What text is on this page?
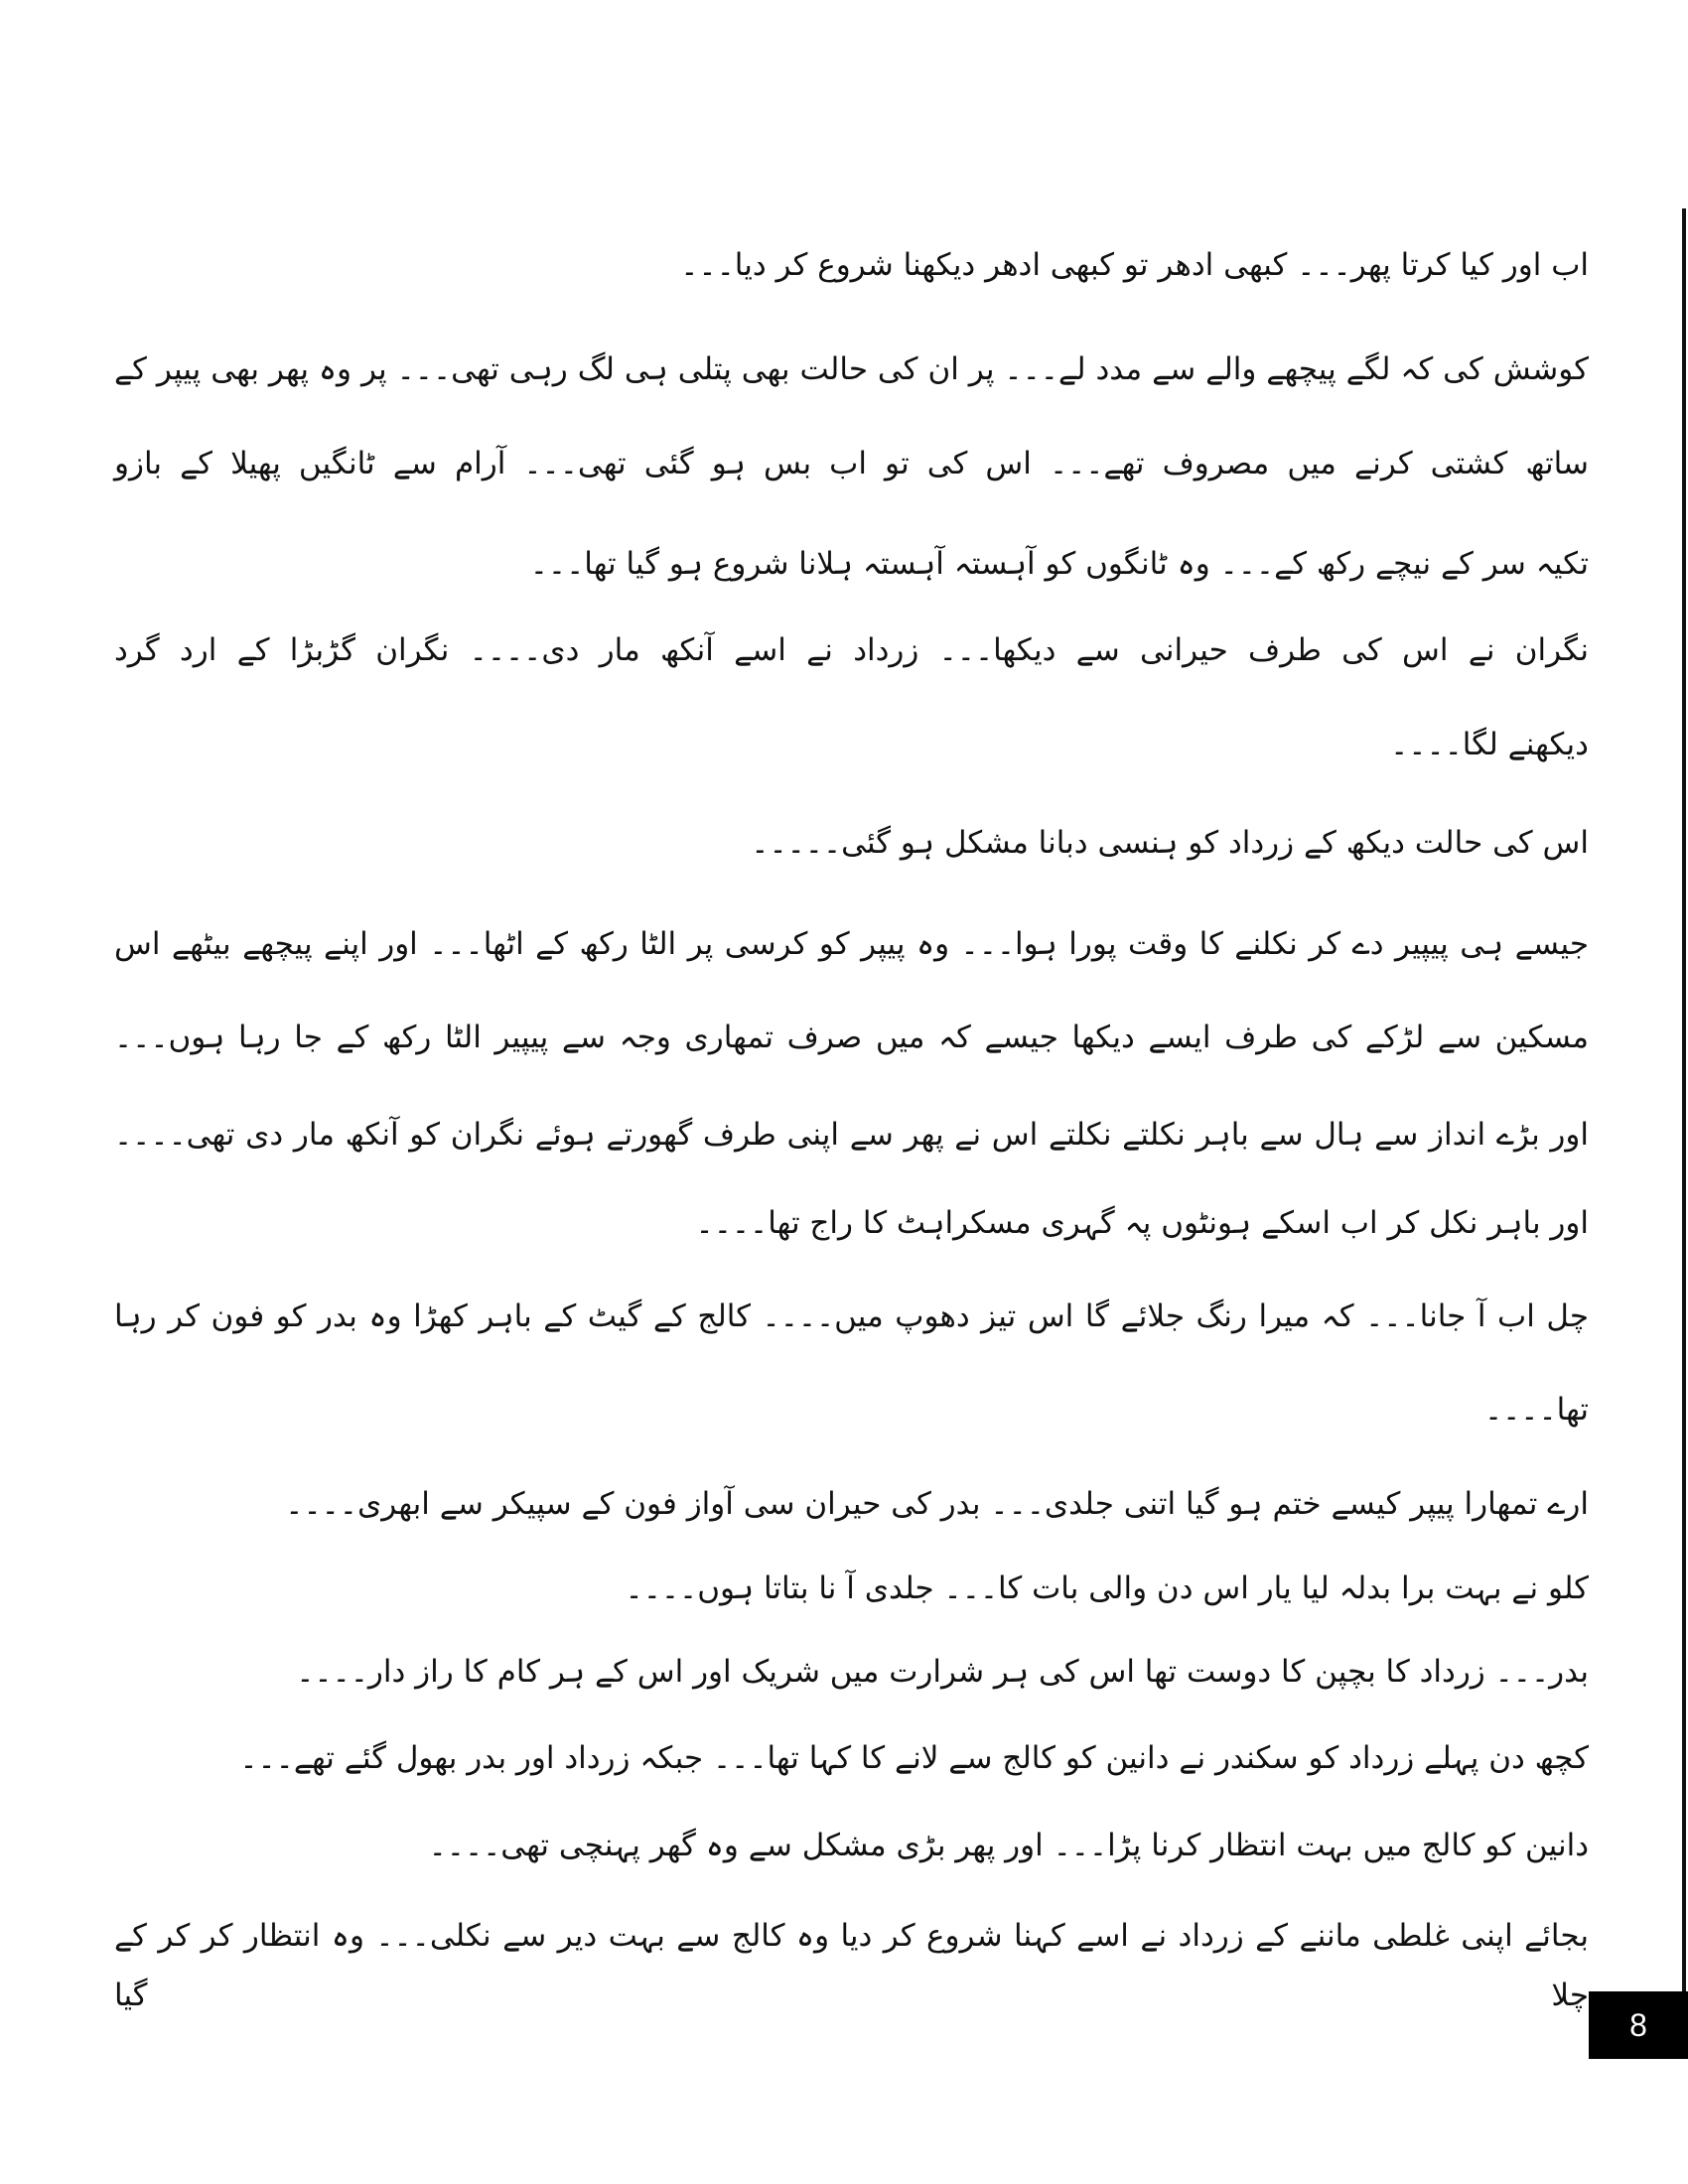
اب اور کیا کرتا پھر۔۔۔ کبھی ادھر تو کبھی ادھر دیکھنا شروع کر دیا۔۔۔
کوشش کی کہ لگے پیچھے والے سے مدد لے۔۔۔ پر ان کی حالت بھی پتلی ہی لگ رہی تھی۔۔۔ پر وہ پھر بھی پیپر کے
ساتھ کشتی کرنے میں مصروف تھے۔۔۔ اس کی تو اب بس ہو گئی تھی۔۔۔ آرام سے ٹانگیں پھیلا کے بازو
تکیہ سر کے نیچے رکھ کے۔۔۔ وہ ٹانگوں کو آہستہ آہستہ ہلانا شروع ہو گیا تھا۔۔۔
نگران نے اس کی طرف حیرانی سے دیکھا۔۔۔ زرداد نے اسے آنکھ مار دی۔۔۔۔ نگران گڑبڑا کے ارد گرد
دیکھنے لگا۔۔۔۔
اس کی حالت دیکھ کے زرداد کو ہنسی دبانا مشکل ہو گئی۔۔۔۔۔
جیسے ہی پیپیر دے کر نکلنے کا وقت پورا ہوا۔۔۔ وہ پیپر کو کرسی پر الٹا رکھ کے اٹھا۔۔۔ اور اپنے پیچھے بیٹھے اس
مسکین سے لڑکے کی طرف ایسے دیکھا جیسے کہ میں صرف تمھاری وجہ سے پیپیر الٹا رکھ کے جا رہا ہوں۔۔۔
اور بڑے انداز سے ہال سے باہر نکلتے نکلتے اس نے پھر سے اپنی طرف گھورتے ہوئے نگران کو آنکھ مار دی تھی۔۔۔۔
اور باہر نکل کر اب اسکے ہونٹوں پہ گہری مسکراہٹ کا راج تھا۔۔۔۔
چل اب آ جانا۔۔۔ کہ میرا رنگ جلائے گا اس تیز دھوپ میں۔۔۔۔ کالج کے گیٹ کے باہر کھڑا وہ بدر کو فون کر رہا
تھا۔۔۔۔
ارے تمھارا پیپر کیسے ختم ہو گیا اتنی جلدی۔۔۔ بدر کی حیران سی آواز فون کے سپیکر سے ابھری۔۔۔۔
کلو نے بہت برا بدلہ لیا یار اس دن والی بات کا۔۔۔ جلدی آ نا بتاتا ہوں۔۔۔۔
بدر۔۔۔ زرداد کا بچپن کا دوست تھا اس کی ہر شرارت میں شریک اور اس کے ہر کام کا راز دار۔۔۔۔
کچھ دن پہلے زرداد کو سکندر نے دانین کو کالج سے لانے کا کہا تھا۔۔۔ جبکہ زرداد اور بدر بھول گئے تھے۔۔۔
دانین کو کالج میں بہت انتظار کرنا پڑا۔۔۔ اور پھر بڑی مشکل سے وہ گھر پہنچی تھی۔۔۔۔
بجائے اپنی غلطی ماننے کے زرداد نے اسے کہنا شروع کر دیا وہ کالج سے بہت دیر سے نکلی۔۔۔ وہ انتظار کر کر کے چلا گیا
8
